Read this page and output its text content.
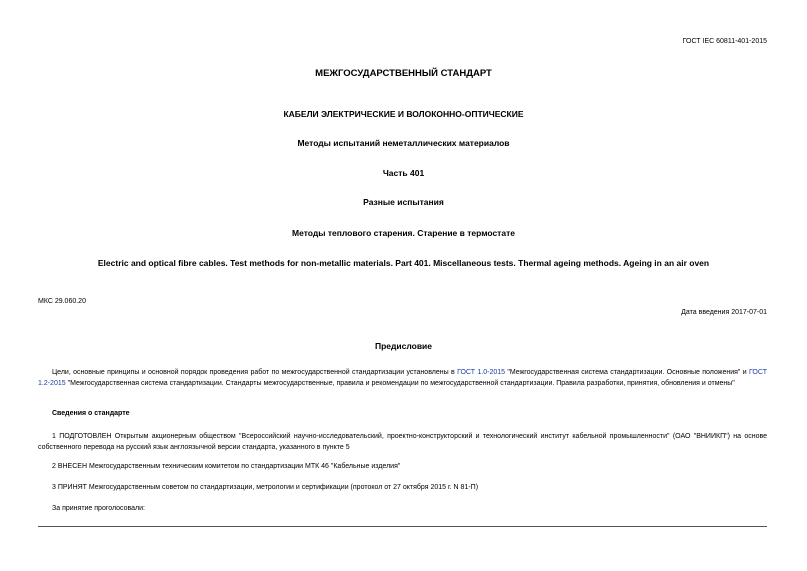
ГОСТ IEC 60811-401-2015
МЕЖГОСУДАРСТВЕННЫЙ СТАНДАРТ
КАБЕЛИ ЭЛЕКТРИЧЕСКИЕ И ВОЛОКОННО-ОПТИЧЕСКИЕ
Методы испытаний неметаллических материалов
Часть 401
Разные испытания
Методы теплового старения. Старение в термостате
Electric and optical fibre cables. Test methods for non-metallic materials. Part 401. Miscellaneous tests. Thermal ageing methods. Ageing in an air oven
МКС 29.060.20
Дата введения 2017-07-01
Предисловие
Цели, основные принципы и основной порядок проведения работ по межгосударственной стандартизации установлены в ГОСТ 1.0-2015 "Межгосударственная система стандартизации. Основные положения" и ГОСТ 1.2-2015 "Межгосударственная система стандартизации. Стандарты межгосударственные, правила и рекомендации по межгосударственной стандартизации. Правила разработки, принятия, обновления и отмены"
Сведения о стандарте
1 ПОДГОТОВЛЕН Открытым акционерным обществом "Всероссийский научно-исследовательский, проектно-конструкторский и технологический институт кабельной промышленности" (ОАО "ВНИИКП") на основе собственного перевода на русский язык англоязычной версии стандарта, указанного в пункте 5
2 ВНЕСЕН Межгосударственным техническим комитетом по стандартизации МТК 46 "Кабельные изделия"
3 ПРИНЯТ Межгосударственным советом по стандартизации, метрологии и сертификации (протокол от 27 октября 2015 г. N 81-П)
За принятие проголосовали:
